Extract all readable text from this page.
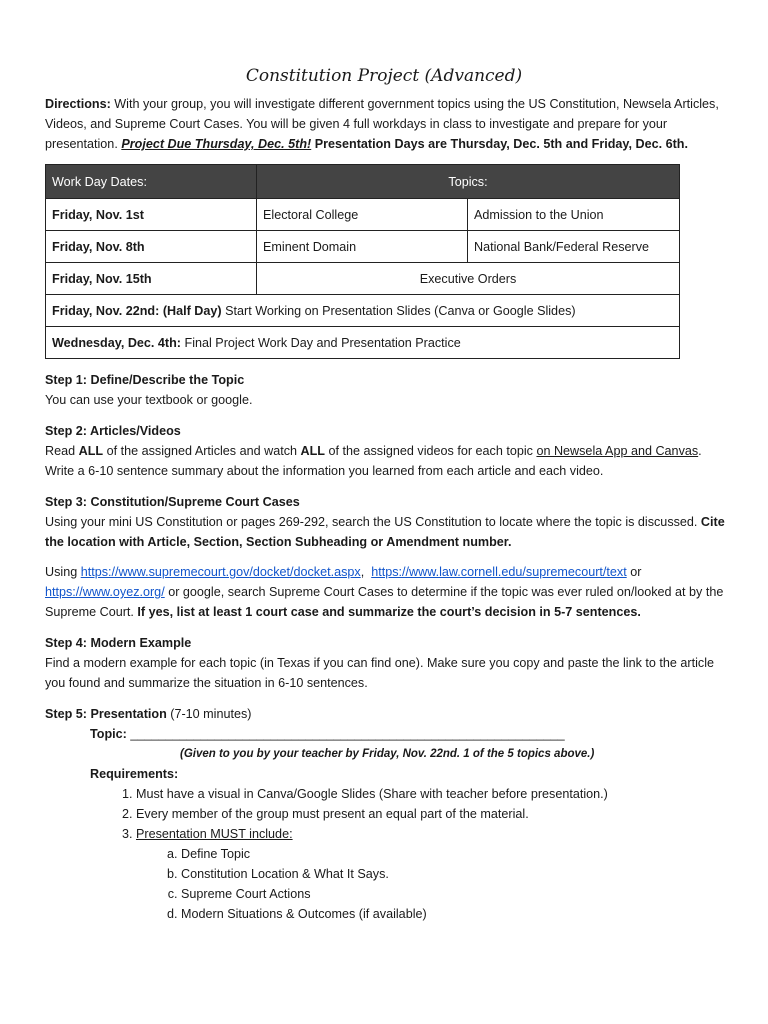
Constitution Project (Advanced)
Directions: With your group, you will investigate different government topics using the US Constitution, Newsela Articles, Videos, and Supreme Court Cases. You will be given 4 full workdays in class to investigate and prepare for your presentation. Project Due Thursday, Dec. 5th! Presentation Days are Thursday, Dec. 5th and Friday, Dec. 6th.
Work Day Dates:	Topics:	
Friday, Nov. 1st	Electoral College	Admission to the Union
Friday, Nov. 8th	Eminent Domain	National Bank/Federal Reserve
Friday, Nov. 15th	Executive Orders	
Friday, Nov. 22nd: (Half Day) Start Working on Presentation Slides (Canva or Google Slides)		
Wednesday, Dec. 4th: Final Project Work Day and Presentation Practice		

Step 1: Define/Describe the Topic

You can use your textbook or google.

Step 2: Articles/Videos

Read ALL of the assigned Articles and watch ALL of the assigned videos for each topic on Newsela App and Canvas. Write a 6-10 sentence summary about the information you learned from each article and each video.

Step 3: Constitution/Supreme Court Cases

Using your mini US Constitution or pages 269-292, search the US Constitution to locate where the topic is discussed. Cite the location with Article, Section, Section Subheading or Amendment number.
Using https://www.supremecourt.gov/docket/docket.aspx,  https://www.law.cornell.edu/supremecourt/text or https://www.oyez.org/ or google, search Supreme Court Cases to determine if the topic was ever ruled on/looked at by the Supreme Court. If yes, list at least 1 court case and summarize the court’s decision in 5-7 sentences.

Step 4: Modern Example

Find a modern example for each topic (in Texas if you can find one). Make sure you copy and paste the link to the article you found and summarize the situation in 6-10 sentences.
Step 5: Presentation (7-10 minutes)
Topic: ______________________________________________________________
(Given to you by your teacher by Friday, Nov. 22nd. 1 of the 5 topics above.)
Requirements:
1. Must have a visual in Canva/Google Slides (Share with teacher before presentation.)
2. Every member of the group must present an equal part of the material.
3. Presentation MUST include:
a. Define Topic
b. Constitution Location & What It Says.
c. Supreme Court Actions
d. Modern Situations & Outcomes (if available)
